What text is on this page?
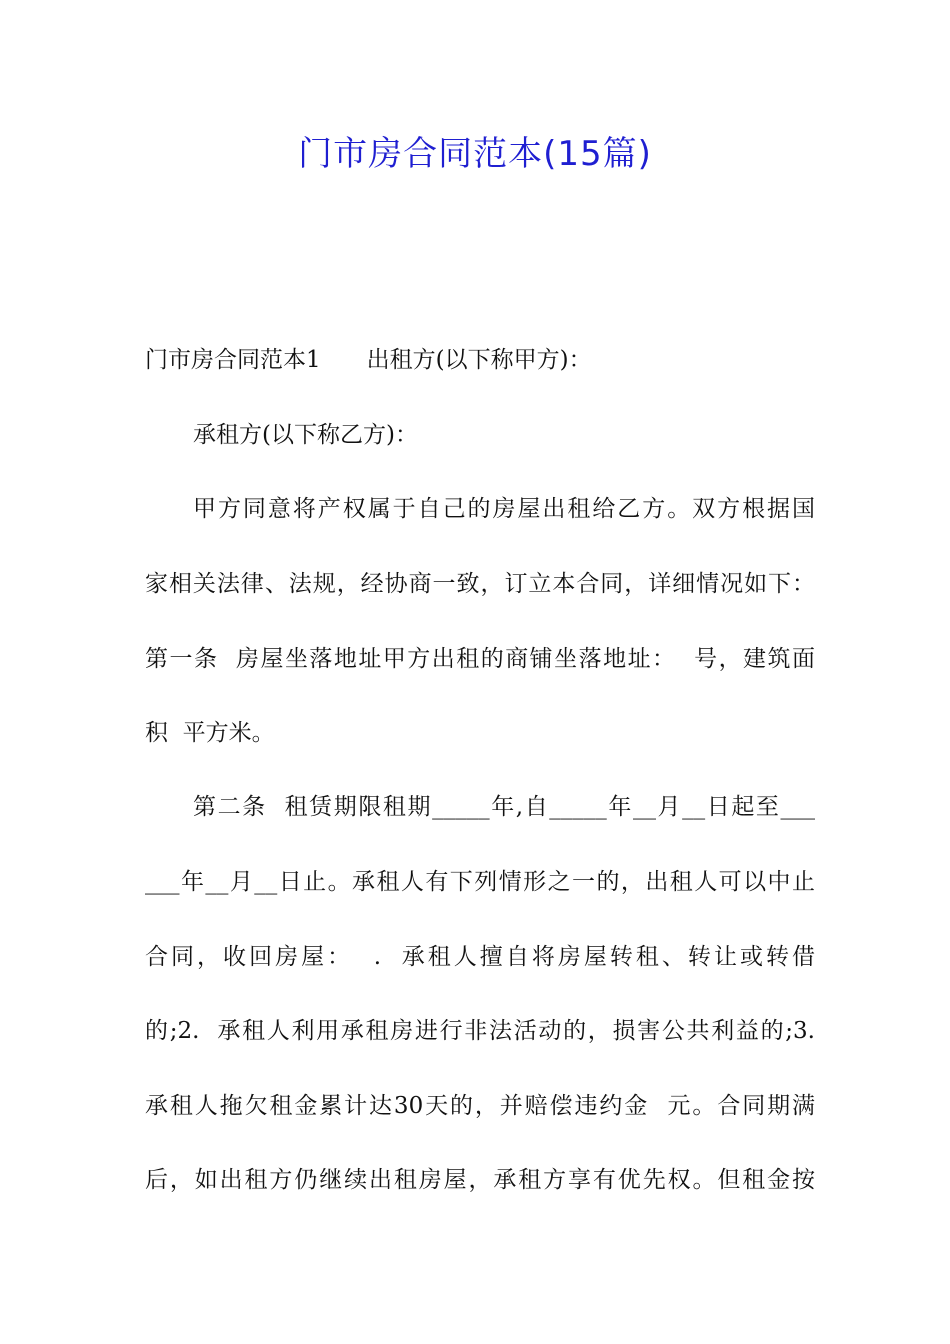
门市房合同范本(15篇)
门市房合同范本1　　出租方(以下称甲方)：
承租方(以下称乙方)：
甲方同意将产权属于自己的房屋出租给乙方。双方根据国
家相关法律、法规，经协商一致，订立本合同，详细情况如下：
第一条  房屋坐落地址甲方出租的商铺坐落地址：  号，建筑面
积  平方米。
第二条  租赁期限租期_____年,自_____年__月__日起至___
___年__月__日止。承租人有下列情形之一的，出租人可以中止
合同，收回房屋：  .  承租人擅自将房屋转租、转让或转借
的;2.  承租人利用承租房进行非法活动的，损害公共利益的;3.
承租人拖欠租金累计达30天的，并赔偿违约金  元。合同期满
后，如出租方仍继续出租房屋，承租方享有优先权。但租金按
